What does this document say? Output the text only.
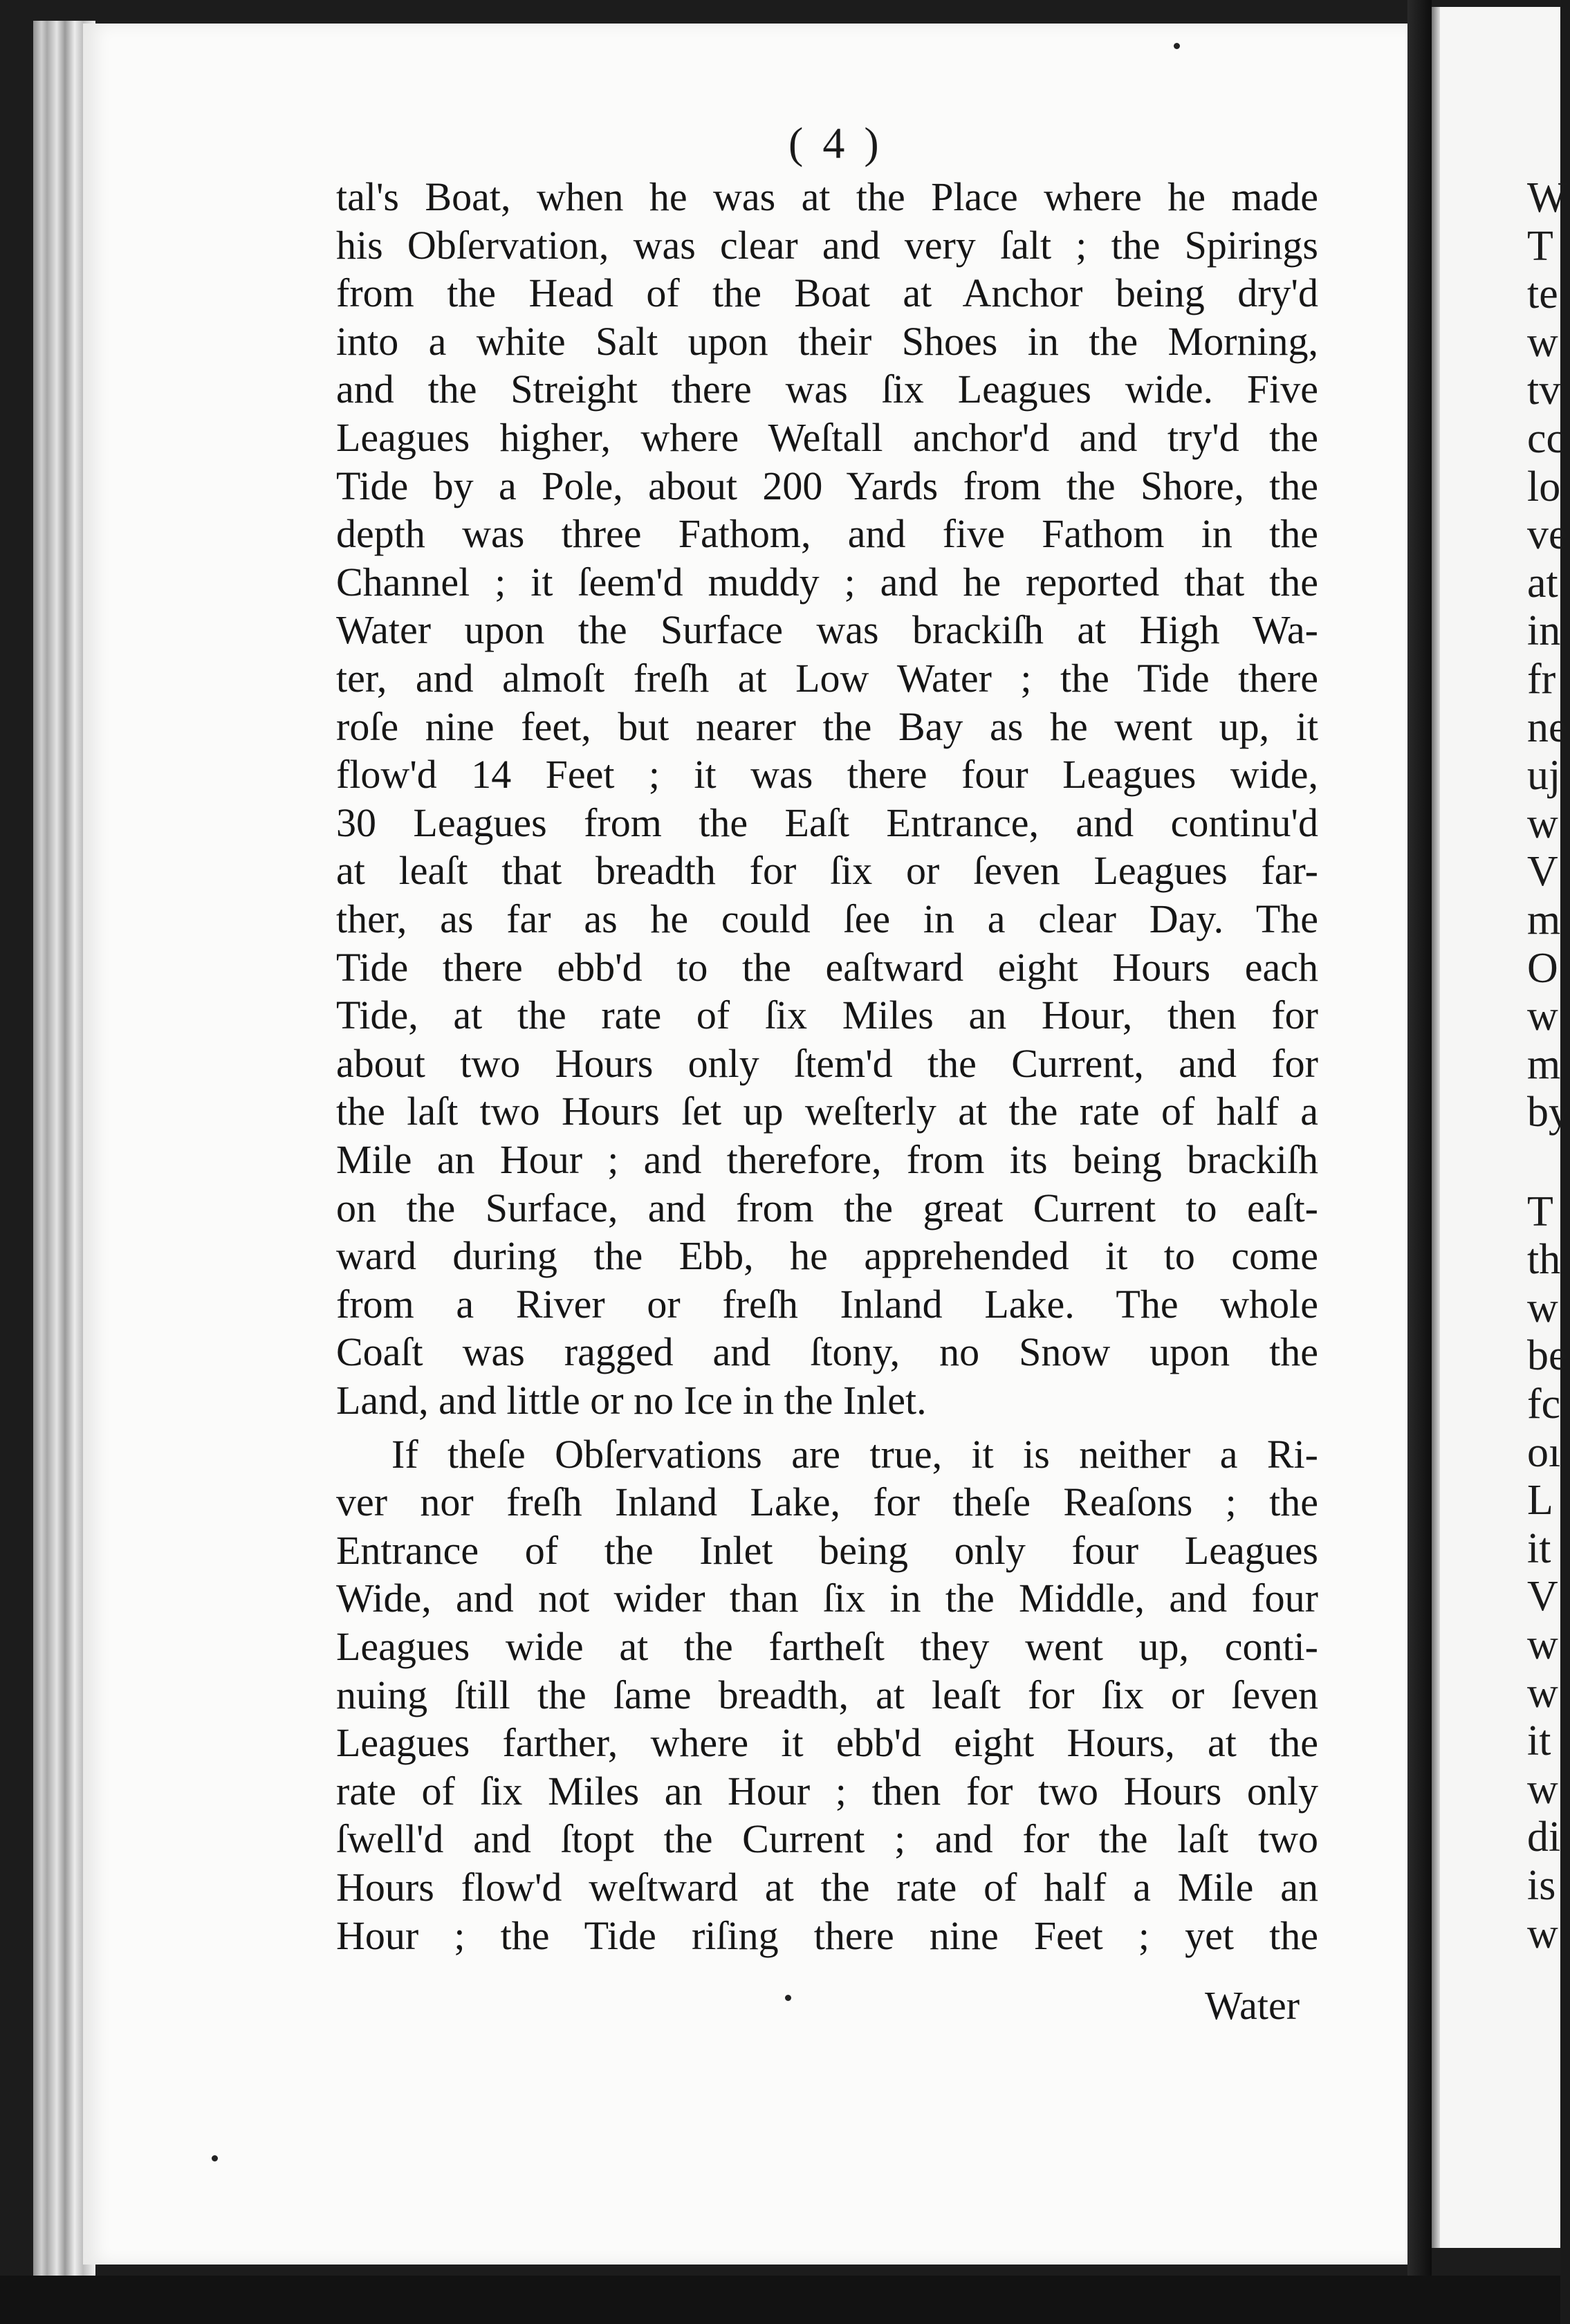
W
T
te
w
tv
cc
lo
ve
at
in
fr
ne
uj
w
V
m
O
w
m
by
T
th
w
be
fc
oı
L
it
V
w
w
it
w
di
is
w
( 4 )
tal's Boat, when he was at the Place where he made
his Obſervation, was clear and very ſalt ; the Spirings
from the Head of the Boat at Anchor being dry'd
into a white Salt upon their Shoes in the Morning,
and the Streight there was ſix Leagues wide. Five
Leagues higher, where Weſtall anchor'd and try'd the
Tide by a Pole, about 200 Yards from the Shore, the
depth was three Fathom, and five Fathom in the
Channel ; it ſeem'd muddy ; and he reported that the
Water upon the Surface was brackiſh at High Wa-
ter, and almoſt freſh at Low Water ; the Tide there
roſe nine feet, but nearer the Bay as he went up, it
flow'd 14 Feet ; it was there four Leagues wide,
30 Leagues from the Eaſt Entrance, and continu'd
at leaſt that breadth for ſix or ſeven Leagues far-
ther, as far as he could ſee in a clear Day. The
Tide there ebb'd to the eaſtward eight Hours each
Tide, at the rate of ſix Miles an Hour, then for
about two Hours only ſtem'd the Current, and for
the laſt two Hours ſet up weſterly at the rate of half a
Mile an Hour ; and therefore, from its being brackiſh
on the Surface, and from the great Current to eaſt-
ward during the Ebb, he apprehended it to come
from a River or freſh Inland Lake. The whole
Coaſt was ragged and ſtony, no Snow upon the
Land, and little or no Ice in the Inlet.
If theſe Obſervations are true, it is neither a Ri-
ver nor freſh Inland Lake, for theſe Reaſons ; the
Entrance of the Inlet being only four Leagues
Wide, and not wider than ſix in the Middle, and four
Leagues wide at the fartheſt they went up, conti-
nuing ſtill the ſame breadth, at leaſt for ſix or ſeven
Leagues farther, where it ebb'd eight Hours, at the
rate of ſix Miles an Hour ; then for two Hours only
ſwell'd and ſtopt the Current ; and for the laſt two
Hours flow'd weſtward at the rate of half a Mile an
Hour ; the Tide riſing there nine Feet ; yet the
Water
